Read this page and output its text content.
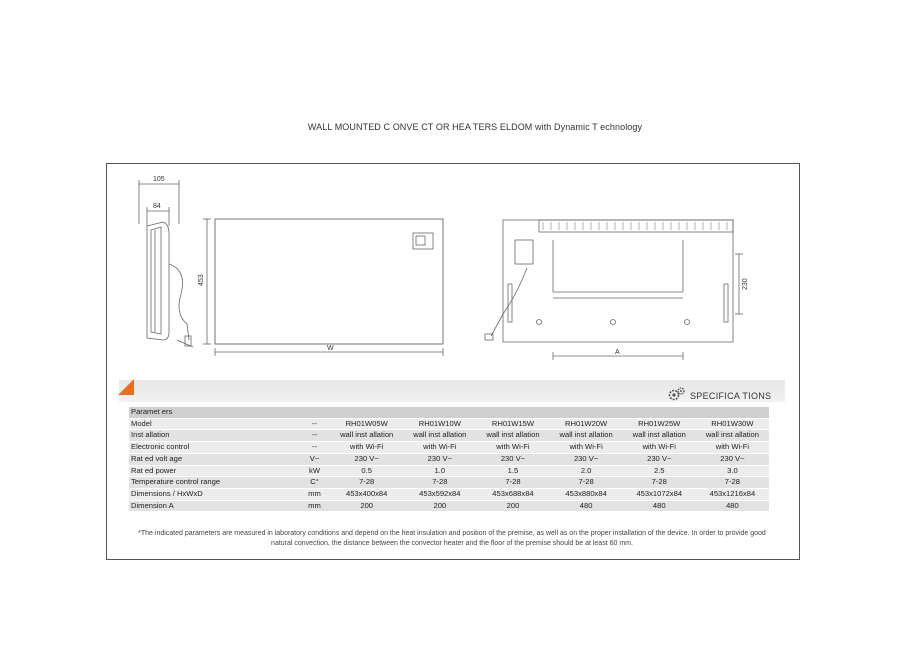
WALL MOUNTED C ONVE CT OR HEA TERS ELDOM with Dynamic T echnology
105
84
453
W
230
A
SPECIFICA TIONS
Paramet ers							
Model	--	RH01W05W	RH01W10W	RH01W15W	RH01W20W	RH01W25W	RH01W30W
Inst allation	--	wall inst allation	wall inst allation	wall inst allation	wall inst allation	wall inst allation	wall inst allation
Electronic control	--	with Wi-Fi	with Wi-Fi	with Wi-Fi	with Wi-Fi	with Wi-Fi	with Wi-Fi
Rat ed volt age	V~	230 V~	230 V~	230 V~	230 V~	230 V~	230 V~
Rat ed power	kW	0.5	1.0	1.5	2.0	2.5	3.0
Temperature control range	C°	7-28	7-28	7-28	7-28	7-28	7-28
Dimensions / HxWxD	mm	453x400x84	453x592x84	453x688x84	453x880x84	453x1072x84	453x1216x84
Dimension A	mm	200	200	200	480	480	480
*The indicated parameters are measured in laboratory conditions and depend on the heat insulation and position of the premise, as well as on the proper installation of the device. In order to provide good natural convection, the distance between the convector heater and the floor of the premise should be at least 60 mm.
